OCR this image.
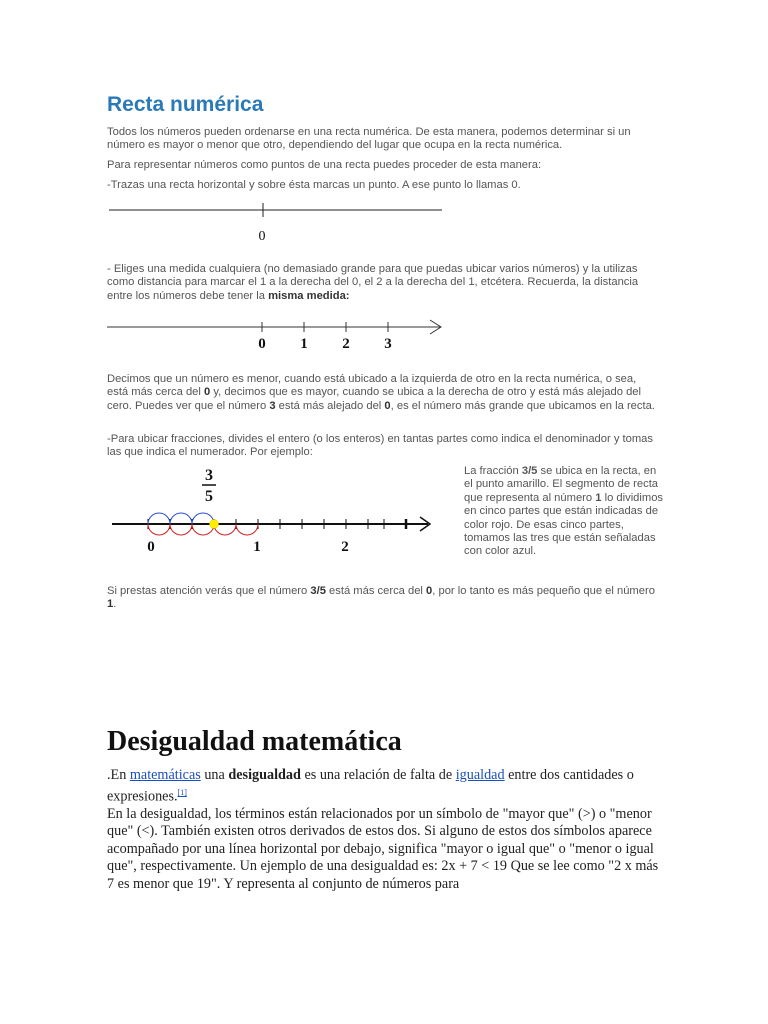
Recta numérica

Todos los números pueden ordenarse en una recta numérica. De esta manera, podemos determinar si un número es mayor o menor que otro, dependiendo del lugar que ocupa en la recta numérica.

Para representar números como puntos de una recta puedes proceder de esta manera:

-Trazas una recta horizontal y sobre ésta marcas un punto. A ese punto lo llamas 0.

0

- Eliges una medida cualquiera (no demasiado grande para que puedas ubicar varios números) y la utilizas como distancia para marcar el 1 a la derecha del 0, el 2 a la derecha del 1, etcétera. Recuerda, la distancia entre los números debe tener la misma medida:

0 1 2 3

Decimos que un número es menor, cuando está ubicado a la izquierda de otro en la recta numérica, o sea, está más cerca del 0 y, decimos que es mayor, cuando se ubica a la derecha de otro y está más alejado del cero. Puedes ver que el número 3 está más alejado del 0, es el número más grande que ubicamos en la recta.

-Para ubicar fracciones, divides el entero (o los enteros) en tantas partes como indica el denominador y tomas las que indica el numerador. Por ejemplo:

3
5
0	1	2

La fracción 3/5 se ubica en la recta, en el punto amarillo. El segmento de recta que representa al número 1 lo dividimos en cinco partes que están indicadas de color rojo. De esas cinco partes, tomamos las tres que están señaladas con color azul.

Si prestas atención verás que el número 3/5 está más cerca del 0, por lo tanto es más pequeño que el número 1.

Desigualdad matemática

.En matemáticas una desigualdad es una relación de falta de igualdad entre dos cantidades o expresiones.[1]

En la desigualdad, los términos están relacionados por un símbolo de "mayor que" (>) o "menor que" (<). También existen otros derivados de estos dos. Si alguno de estos dos símbolos aparece acompañado por una línea horizontal por debajo, significa "mayor o igual que" o "menor o igual que", respectivamente. Un ejemplo de una desigualdad es: 2x + 7 < 19 Que se lee como "2 x más 7 es menor que 19". Y representa al conjunto de números para
